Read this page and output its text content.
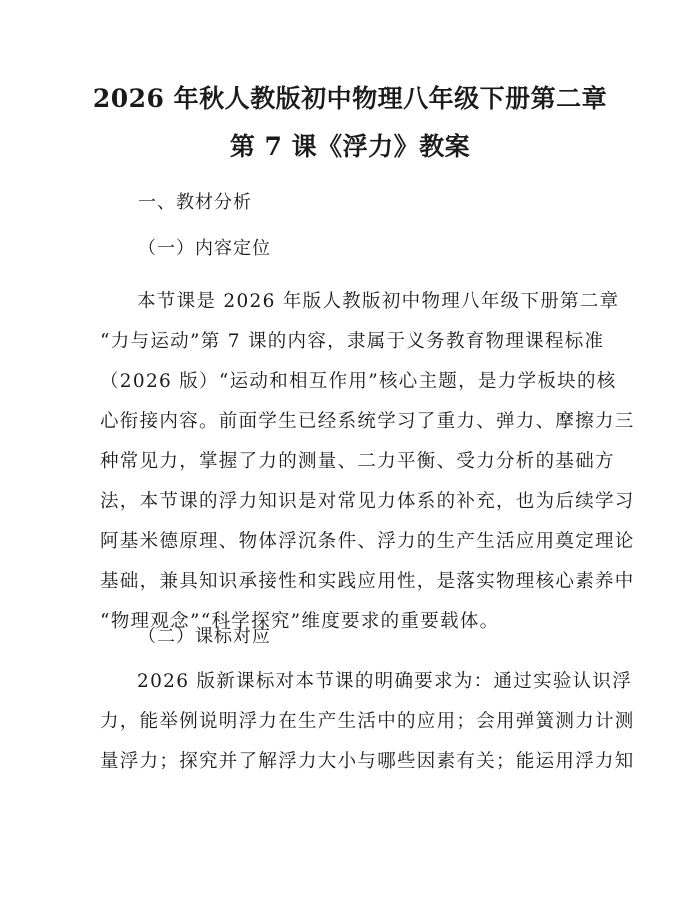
2026 年秋人教版初中物理八年级下册第二章
第 7 课《浮力》教案
一、教材分析
（一）内容定位
本节课是 2026 年版人教版初中物理八年级下册第二章
“力与运动”第 7 课的内容，隶属于义务教育物理课程标准
（2026 版）“运动和相互作用”核心主题，是力学板块的核
心衔接内容。前面学生已经系统学习了重力、弹力、摩擦力三
种常见力，掌握了力的测量、二力平衡、受力分析的基础方
法，本节课的浮力知识是对常见力体系的补充，也为后续学习
阿基米德原理、物体浮沉条件、浮力的生产生活应用奠定理论
基础，兼具知识承接性和实践应用性，是落实物理核心素养中
“物理观念”“科学探究”维度要求的重要载体。
（二）课标对应
2026 版新课标对本节课的明确要求为：通过实验认识浮
力，能举例说明浮力在生产生活中的应用；会用弹簧测力计测
量浮力；探究并了解浮力大小与哪些因素有关；能运用浮力知
